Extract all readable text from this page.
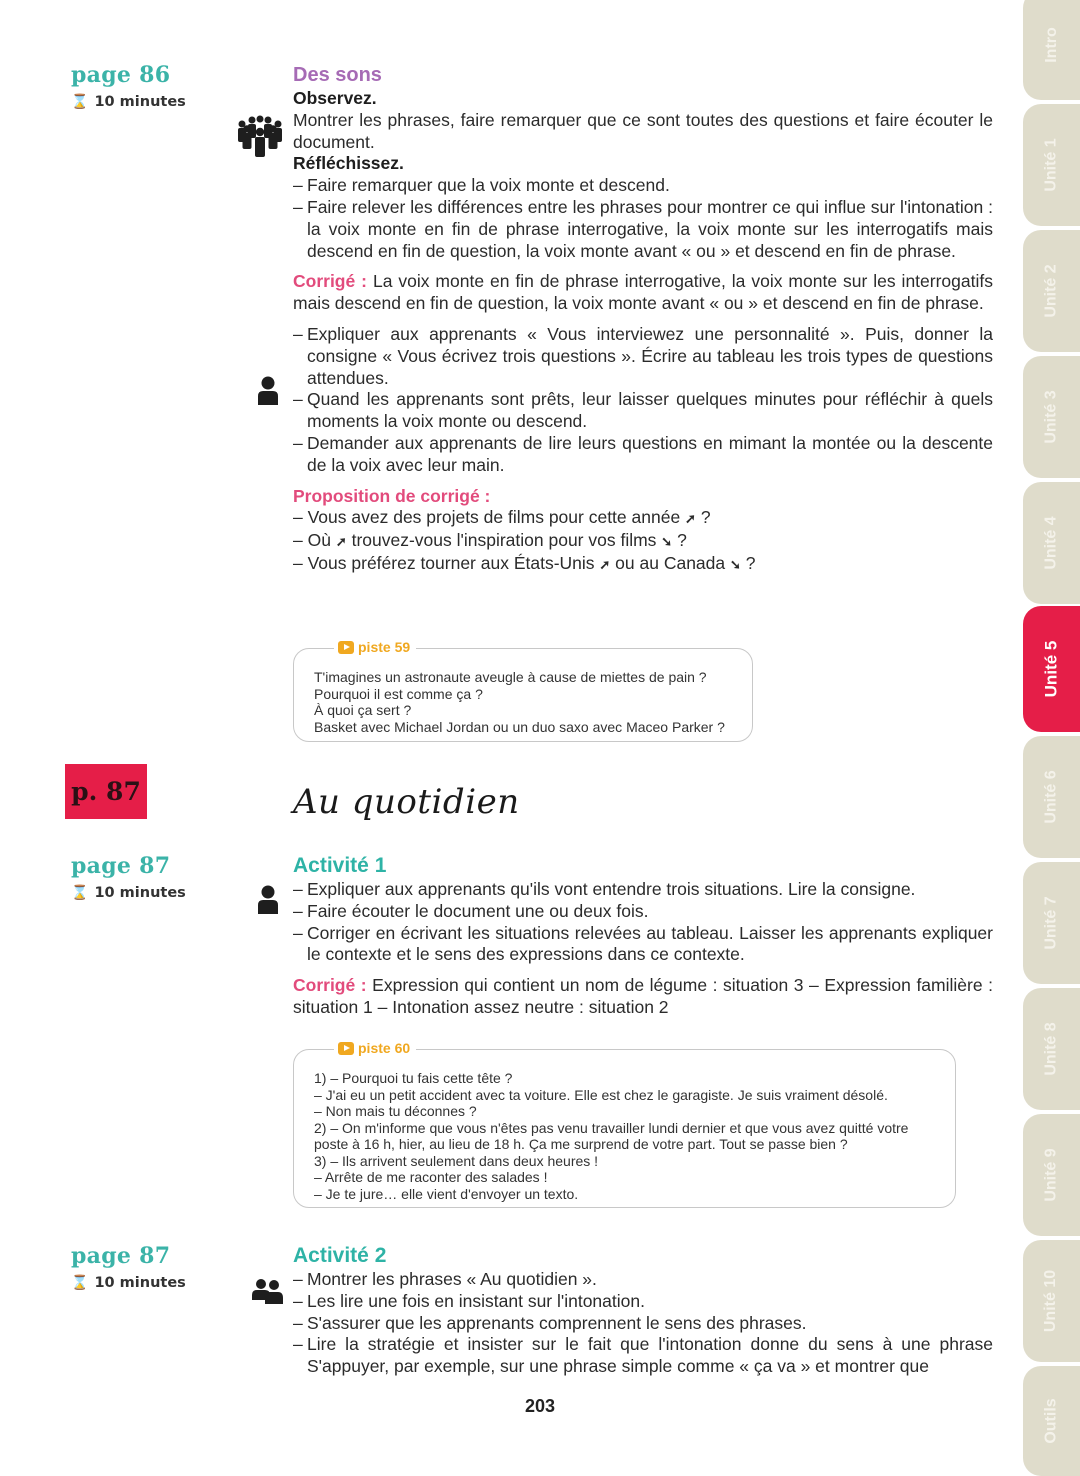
page 86
⌛ 10 minutes
Des sons
Observez.

Montrer les phrases, faire remarquer que ce sont toutes des questions et faire écouter le document.

Réfléchissez.
– Faire remarquer que la voix monte et descend.
– Faire relever les différences entre les phrases pour montrer ce qui influe sur l'intonation : la voix monte en fin de phrase interrogative, la voix monte sur les interrogatifs mais descend en fin de question, la voix monte avant « ou » et descend en fin de phrase.

Corrigé : La voix monte en fin de phrase interrogative, la voix monte sur les interrogatifs mais descend en fin de question, la voix monte avant « ou » et descend en fin de phrase.

– Expliquer aux apprenants « Vous interviewez une personnalité ». Puis, donner la consigne « Vous écrivez trois questions ». Écrire au tableau les trois types de questions attendues.
– Quand les apprenants sont prêts, leur laisser quelques minutes pour réfléchir à quels moments la voix monte ou descend.
– Demander aux apprenants de lire leurs questions en mimant la montée ou la descente de la voix avec leur main.
Proposition de corrigé :
– Vous avez des projets de films pour cette année ➚ ?
– Où ➚ trouvez-vous l'inspiration pour vos films ➘ ?
– Vous préférez tourner aux États-Unis ➚ ou au Canada ➘ ?
piste 59
T'imagines un astronaute aveugle à cause de miettes de pain ?
Pourquoi il est comme ça ?
À quoi ça sert ?
Basket avec Michael Jordan ou un duo saxo avec Maceo Parker ?
p. 87	Au quotidien
page 87
⌛ 10 minutes
Activité 1
– Expliquer aux apprenants qu'ils vont entendre trois situations. Lire la consigne.
– Faire écouter le document une ou deux fois.
– Corriger en écrivant les situations relevées au tableau. Laisser les apprenants expliquer le contexte et le sens des expressions dans ce contexte.

Corrigé : Expression qui contient un nom de légume : situation 3 – Expression familière : situation 1 – Intonation assez neutre : situation 2

piste 60
1) – Pourquoi tu fais cette tête ?
– J'ai eu un petit accident avec ta voiture. Elle est chez le garagiste. Je suis vraiment désolé.
– Non mais tu déconnes ?
2) – On m'informe que vous n'êtes pas venu travailler lundi dernier et que vous avez quitté votre poste à 16 h, hier, au lieu de 18 h. Ça me surprend de votre part. Tout se passe bien ?
3) – Ils arrivent seulement dans deux heures !
– Arrête de me raconter des salades !
– Je te jure… elle vient d'envoyer un texto.
page 87
⌛ 10 minutes
Activité 2
– Montrer les phrases « Au quotidien ».
– Les lire une fois en insistant sur l'intonation.
– S'assurer que les apprenants comprennent le sens des phrases.
– Lire la stratégie et insister sur le fait que l'intonation donne du sens à une phrase S'appuyer, par exemple, sur une phrase simple comme « ça va » et montrer que
203
Intro
Unité 1
Unité 2
Unité 3
Unité 4
Unité 5
Unité 6
Unité 7
Unité 8
Unité 9
Unité 10
Outils
